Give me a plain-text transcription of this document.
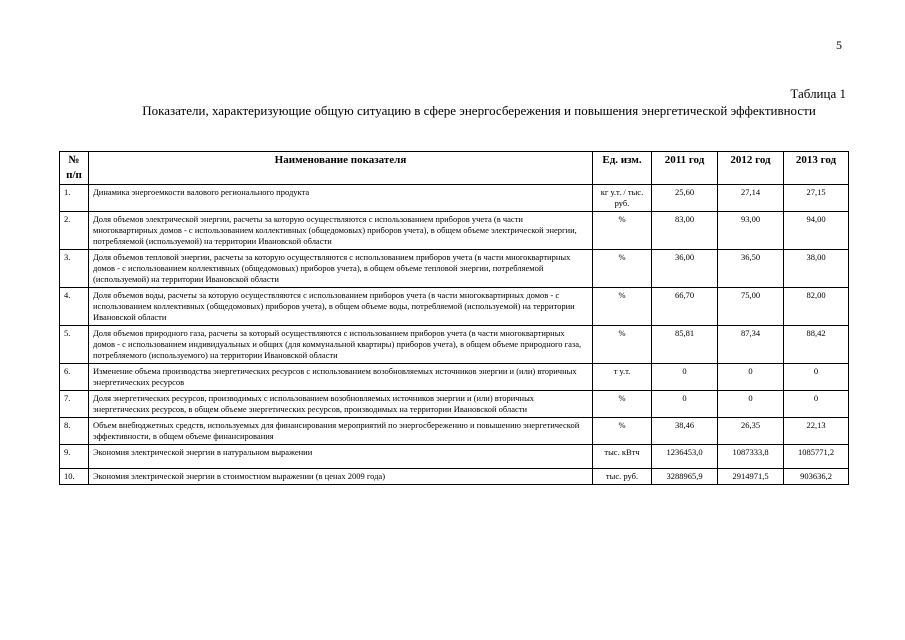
5
Таблица 1
Показатели, характеризующие общую ситуацию в сфере энергосбережения и повышения энергетической эффективности
№ п/п	Наименование показателя	Ед. изм.	2011 год	2012 год	2013 год
1.	Динамика энергоемкости валового регионального продукта	кг у.т. / тыс. руб.	25,60	27,14	27,15
2.	Доля объемов электрической энергии, расчеты за которую осуществляются с использованием приборов учета (в части многоквартирных домов - с использованием коллективных (общедомовых) приборов учета), в общем объеме электрической энергии, потребляемой (используемой) на территории Ивановской области	%	83,00	93,00	94,00
3.	Доля объемов тепловой энергии, расчеты за которую осуществляются с использованием приборов учета (в части многоквартирных домов - с использованием коллективных (общедомовых) приборов учета), в общем объеме тепловой энергии, потребляемой (используемой) на территории Ивановской области	%	36,00	36,50	38,00
4.	Доля объемов воды, расчеты за которую осуществляются с использованием приборов учета (в части многоквартирных домов - с использованием коллективных (общедомовых) приборов учета), в общем объеме воды, потребляемой (используемой) на территории Ивановской области	%	66,70	75,00	82,00
5.	Доля объемов природного газа, расчеты за который осуществляются с использованием приборов учета (в части многоквартирных домов - с использованием индивидуальных и общих (для коммунальной квартиры) приборов учета), в общем объеме природного газа, потребляемого (используемого) на территории Ивановской области	%	85,81	87,34	88,42
6.	Изменение объема производства энергетических ресурсов с использованием возобновляемых источников энергии и (или) вторичных энергетических ресурсов	т у.т.	0	0	0
7.	Доля энергетических ресурсов, производимых с использованием возобновляемых источников энергии и (или) вторичных энергетических ресурсов, в общем объеме энергетических ресурсов, производимых на территории Ивановской области	%	0	0	0
8.	Объем внебюджетных средств, используемых для финансирования мероприятий по энергосбережению и повышению энергетической эффективности, в общем объеме финансирования	%	38,46	26,35	22,13
9.	Экономия электрической энергии в натуральном выражении	тыс. кВтч	1236453,0	1087333,8	1085771,2
10.	Экономия электрической энергии в стоимостном выражении (в ценах 2009 года)	тыс. руб.	3288965,9	2914971,5	903636,2
